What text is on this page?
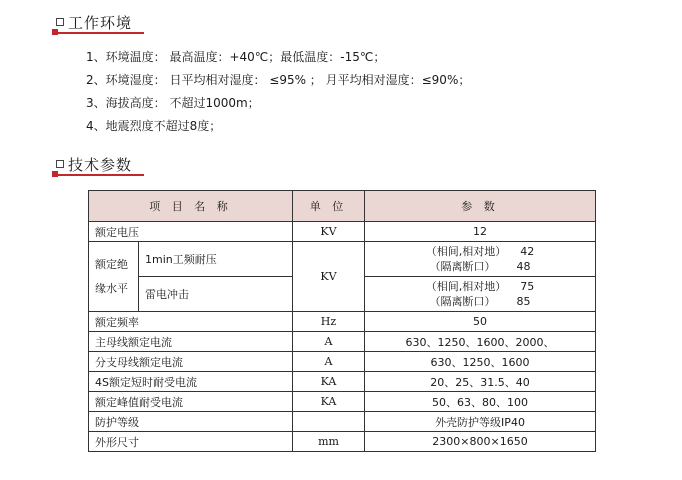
工作环境
1、环境温度： 最高温度：+40℃；最低温度：-15℃；
2、环境湿度： 日平均相对湿度： ≤95% ； 月平均相对湿度：≤90%；
3、海拔高度： 不超过1000m；
4、地震烈度不超过8度；
技术参数
项 目 名 称		单 位	参 数
额定电压		KV	12

额定绝
缘水平	1min工频耐压	KV	（相间,相对地）    42
（隔离断口）      48

	雷电冲击		（相间,相对地）    75
（隔离断口）      85

额定频率		Hz	50
主母线额定电流		A	630、1250、1600、2000、
分支母线额定电流		A	630、1250、1600
4S额定短时耐受电流		KA	20、25、31.5、40
额定峰值耐受电流		KA	50、63、80、100
防护等级			外壳防护等级IP40
外形尺寸		mm	2300×800×1650
